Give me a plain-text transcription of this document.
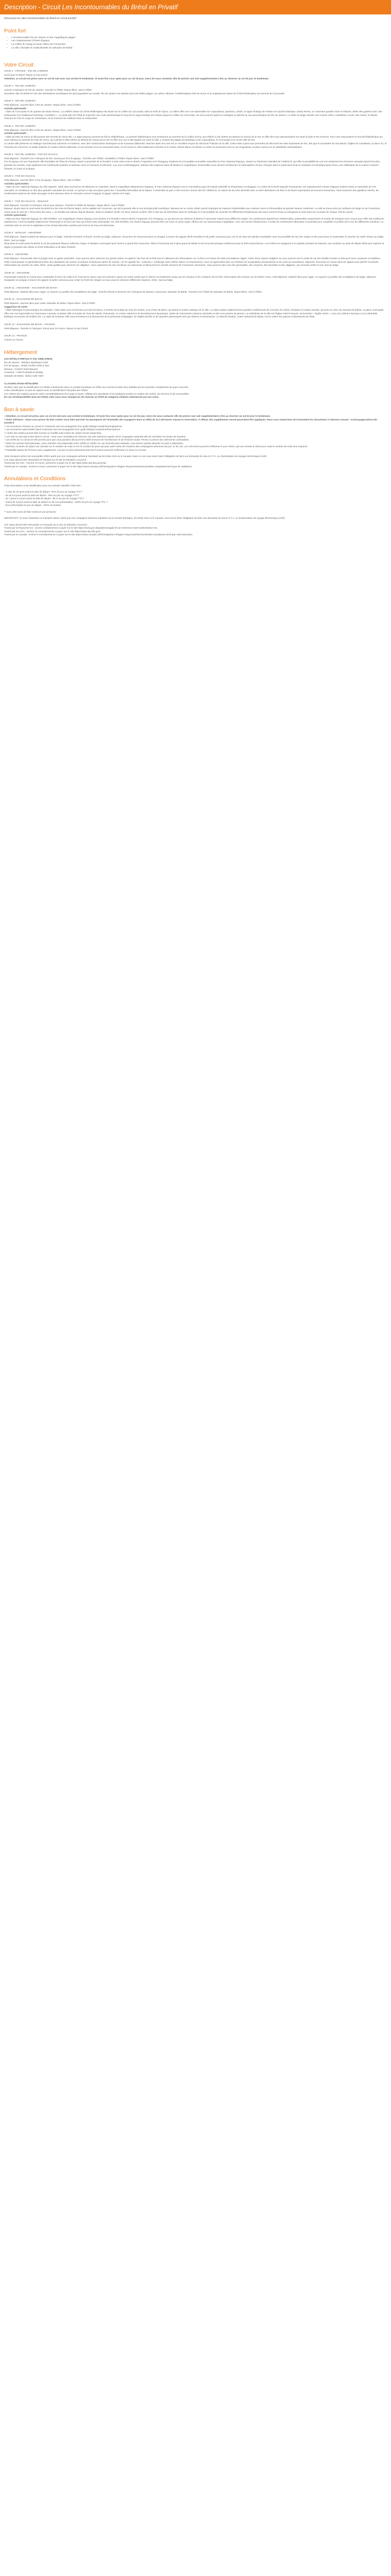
Description - Circuit Les Incontournables du Brésil en Privatif
Découvrez les sites incontournables du Brésil en circuit privatif !
Point fort
• L'incontournable Rio de Janeiro et ses magnifiques plages
• Les majestueuses Chutes d'Iguaçu
• La colline du Gangi au beau milieu de l'Amazonie
• La ville coloniale et multiculturelle de Salvador de Bahia
Votre Circuit

JOUR 1 : FRANCE - RIO DE JANEIRO

Envol pour le Brésil. Repas et nuit à bord.

Attention, ce circuit est prévu avec un vol de nuit avec une arrivée le lendemain. Si toute fois vous optez pour un vol de jour, merci de nous contacter afin de prévoir une nuit supplémentaire à Rio au réserver un vol de jour le lendemain.

JOUR 2 : RIO DE JANEIRO

Arrivée à l'aéroport de Rio de Janeiro. Transfert à l'hôtel. Repas libres. Nuit à l'hôtel.

Deuxième ville du Brésil et l'une des destinations touristiques les plus populaires au monde, Rio de Janeiro est réputée pour ses belles plages, sa culture vibrante, l'emblématique Pain de Sucre et la majestueuse statue du Christ Rédempteur au sommet du Corcovado.

JOUR 3 : RIO DE JANEIRO

Petit-déjeuner. Journée libre à Rio de Janeiro. Repas libres. Nuit à l'hôtel.

Activité optionnelle :

- Visite du Corcovado et du quartier de Santa Teresa : La célèbre statue du Christ Rédempteur est située sur la colline du Corcovado, dans la forêt de Tijuca. La colline offre une vue imprenable sur Copacabana, Ipanema, Leblon, le lagon Rodrigo de Freitas et le jardin botanique. Santa Teresa, un charmant quartier riche en histoire, abrite des galeries d'art, des restaurants et le traditionnel tramway « bondinho ». La visite part de l'hôtel et emprunte une route panoramique le long de la Lagoa Rodrigo de Freitas jusqu'à la colline du Corcovado, où vous pourrez gravir la montagne et admirer la vue panoramique sur Rio de Janeiro. La visite se dirige ensuite vers Cosme Velho, Castelinho, le parc des ruines, le Musée Chacara do Céu et Largo do Guimaraes, où se trouvent les meilleurs bars et restaurants.

JOUR 4 : RIO DE JANEIRO

Petit-déjeuner. Journée libre à Rio de Janeiro. Repas libres. Nuit à l'hôtel.

Activité optionnelle :

- Visite du Pain de Sucre et découverte des secrets du Vieux Rio. Le trajet jusqu'au sommet se fait en téléphérique. Le premier téléphérique vous emmènera au sommet de la colline d'Urca, qui s'élève à 215 mètres au-dessus du niveau de la mer et offre des vues spectaculaires sur toute la baie et les environs. Puis vous emprunterez le second téléphérique qui vous mènera au sommet du Pain de Sucre, qui culmine à 395 mètres au-dessus du niveau de la mer et offre une vue à 360 degrés sur toute la ville, y compris les plages de Botafogo et de Copacabana, le Corcovado et le centre-ville de Rio.

Le centre-ville présente un mélange d'architecture ancienne et moderne, avec des constructions historiques et de nouveaux bâtiments. Marcher dans ses rues est un excellent moyen de découvrir l'histoire de la ville. Cette visite à pied vous permettra de découvrir les sites importants de Rio, tels que le monastère de Sao Bento, l'église de Candelaria, la place XV, le Travessa do Comercio, le palais impérial, le musée Histora Nationale, la rue Ouvidor et la rue Gonçalves Dias, où se trouve le café traditionnel Colombo et le centre culturel Banco do Brasil. La visite se poursuivra vers la rue Uruguaiana, la place Carioca et la cathédrale métropolitaine.

JOUR 5 : RIO DE JANEIRO - FOZ DO IGUACU

Petit-déjeuner. Transfert vers l'aéroport de Rio. Envol pour Foz do Iguaçu. Transfert vers l'hôtel. Installation à l'hôtel. Repas libres. Nuit à l'hôtel.

Foz do Iguaçu est une importante ville frontalière de l'État de Parana, située à proximité de la frontière à trois voies entre le Brésil, l'Argentine et le Paraguay. Explorez les incroyables merveilles naturelles du Parc National d'Iguaçu, classé au Patrimoine Mondial de l'UNESCO, qui offre la possibilité de voir non seulement les énormes cascades (parmi les plus grandes du monde), mais également de nombreuses plantes et animaux rares et menacés d'extinction. Aux yeux ornithologiques, admirez des espèces utiles de faisans et magnifiques. Émerveillez-vous devant l'architecture et l'atmosphère du lieu. Plongez dans le patrimoine local en assistant à l'envoûtant Ipora Show, une célébration de la culture à travers l'histoire, le chant et la danse.

JOUR 6 : FOZ DO IGUACU

Petit-déjeuner. Journée libre à Foz do Iguaçu. Repas libres. Nuit à l'hôtel.

Activités optionnelles :

- Visite du Parc National d'Iguaçu du côté argentin. Situé dans la province de Misiones en Argentine, dans le magnifique département d'Iguazu, le Parc National d'Iguazu est un merveilleux pays de beauté naturelle et d'importance écologique. Au centre de la forêt tropicale Paranaense, les majestueuses Chutes d'Iguazú tombent dans un spectacle de 275 cascades, et constituent un des plus grandes cascades du monde, ce qui leur a valu une place parmi les 7 Nouvelles Merveilles de la Nature. L'ensemble du parc a été reconnu comme site de l'UNESCO, en raison de sa riche diversité avec un tiers abondance de flore et de faune importantes (et souvent menacées). Vous traversez des papillons colorés, de nombreuses espèces de chats sauvages et des animaux rares et menacés comme le jaguar, le jaguar caiman et le tapir.

JOUR 7 : FOZ DO IGUACU - MANAUS

Petit-déjeuner. Transfert à l'aéroport. Envol pour Manaus. Transfert à l'hôtel de Manaus. Repas libres. Nuit à l'hôtel.

Manaus, située dans le nord-ouest du Brésil sur les rives du fleuve Negro, est la capitale de l'Amazonie, qui est la grande ville et son principal pôle touristique. Manaus est un centre urbain animé imprégné de maisons résidentielles aux couleurs vives et d'immeubles de grande hauteur modernes. La ville se trouve près du confluent du Négro et de l'Amazonie, connu sous le nom de « Rencontre des eaux », accessible par bateau depuis Manaus. Selon la tradition locale, les deux rivières coulent côté à côte sur six kilomètres sans se mélanger et il est possible de ressentir les différentes températures des deux sources d'eau en plongeant la main dans les courants de chaque côté du navire.

Activité optionnelle :

- Visite du Parc National d'Iguaçu du côté brésilien. Les magnifiques chutes d'Iguaçu sont situées à la frontière entre le Brésil, l'Argentine et le Paraguay, ce qui permet aux visiteurs d'admirer le spectacle naturel sous différents angles. De nombreuses plateformes d'observation, passerelles suspendues et modes de transport sont conçus pour offrir des meilleures expériences. Il est incroyable d'apercevoir l'immensité et la force de l'eau qui tombe sans interruption. Du côté brésilien, les chutes d'Iguaçu peuvent être vue sous un autre angle, offrant une vue panoramique magnifique. Avec une bonne infrastructure, il existe de nombreuses attractions à proximité pour compléter et profiter de la vue de différentes manières. La contrairé entre le vert de la végétation et les chutes blanches causées par la force de l'eau est étonnante.

JOUR 8 : MANAUS - AMAZONIE

Petit-déjeuner. Départ matinal de Manaus pour le lodge. Transfert terrestre et fluvial. Arrivée au lodge. Déjeuner. Excursion de reconnaissance en pirogue à travers les Igapós (forêt inondée) et de petits ruisseaux pour voir la vie dans les plantes inondables avec la possibilité de voir des singes et des paresseux et contempler le coucher du soleil. Retour au lodge. Dîner. Nuit au lodge.

Situé dans le nord-ouest du Brésil, le où les puissants fleuves Solimoes, Negro et Madeira convergent pour former le grand Rio Amazonas, l'État d'Amazonas est le plus grand du Brésil et est recouvert presque entièrement par la forêt amazonienne. Les rivières se rejoignent à la capitale portuaire de Manaus, qui constitue un point de départ idéal pour explorer la région et propose des visites en forêt imfluviales et de sites d'intérêt.

JOUR 9 : AMAZONIE

Petit-déjeuner. Promenade dans la jungle avec un guide spécialisé. Vous pourrez alors observer les grands arbres et explorer l'air frais de la forêt tout en obtenant des informations sur sa flore et la faune de cette merveilleuse région. Visite d'une maison indigène où vous pourrez voir le mode de vie des familles locales et découvrir leurs coutumes et traditions. Cette communauté s'a généralement dans des plantations de manioc et prépare la farineuse farine de manioc. On les appelle les « caboclos » (mélange entre indiens blancs et amazoniens). Vous en apprendrez plus sur l'histoire de la population amazonienne et du cycle du caoutchouc. Déjeuner. Excursion en canoë dans les Igapós pour pêcher le piranha. Observation du coucher du soleil. Dîner. Visite guidée pour observer les alligators. Vous explorerez les lacs du fleuve au crépuscule et découvrirez le monde nocturne de l'Amazonie, fascinants. Vous pourrez alors voir des grenouilles, des serpents, des fauvettes et des alligators, qui sont plus actifs la nuit. Nuit au lodge.

JOUR 10 : AMAZONIE

Promenade matinale en canoë pour contempler le lever du soleil et le réveil de la nature avec les premiers rayons du soleil, tandis que le silence est lentement rompu par les oiseaux et les créatures de la forêt. Observation des oiseaux sur la Rivière Amou. Petit-déjeuner. Matinée libre pour nager, se reposer ou profiter des installations du lodge. Déjeuner. Navigation en pirogue à travers les Igapós et petits ruisseaux pour visiter la Forêt des Singes où vous pourrez observer différentes espèces. Dîner. Nuit au lodge.

JOUR 11 : AMAZONIE - SALVADOR DE BAHIA

Petit-déjeuner. Matinée libre pour nager, se reposer ou profiter des installations du lodge. Transfert fluvial et terrestre vers l'aéroport de Manaus. Envol pour Salvador de Bahia. Transfert vers l'hôtel de Salvador de Bahia. Repas libres. Nuit à l'hôtel.

JOUR 12 : SALVADOR DE BAHIA

Petit-déjeuner. Journée libre pour visiter Salvador de Bahia. Repas libres. Nuit à l'hôtel.

Suggestion de visite :

- Visite historique et panoramique de Salvador. Cette visite vous emmènera au Farol da Barra, à l'entrée de la Baie de Tous les Saints, et au Porto da Barra, qui abrite le musée nautique de la ville. La visite explore également les quartiers traditionnels de Corredor de Vitoria, Piedade et Campo Grande, qui sont au cœur du carnaval de Bahia. La place municipale offre une vue imprenable sur l'ascenseur Lacerda, la Basse Ville et la Baie de Tous les Saints. Pelourinho, un centre culturel et de divertissement dynamique, abrite de charmantes maisons coloniales et des rues pavées de pierres. La cathédrale de la ville est l'église Saint-François, surnommée « l'église dorée », avec son intérieur baroque et sa cathédrale basilique recouverte de feuilles d'or. La visite de la Basse-Ville vous emmènera à la découverte de la péninsule d'Itapagipe, de l'église Bonfim et de quartiers pittoresques tels que Ribeira et Monteserrat. Le Marché Modelo, centre artisanal de Bahia, est en valeur les aspects multiculturels de l'État.

JOUR 13 : SALVADOR DE BAHIA - FRANCE

Petit-déjeuner. Transfert à l'aéroport. Envol pour la France. Repas et nuit à bord.

JOUR 14 : FRANCE

Arrivée en France.

Hébergement

LES HÔTELS PRÉVUS 3* (OU SIMILAIRES)

Rio de Janeiro : Windsor Martinique Hotel

Foz de Iguaçu : Nadai Confort Hotel & Spa

Manaus : Comfort hotel Manaus

Amazonie : Hotel Evolução Ecolodge

Salvador de Bahia : Bahia Café Hotel

CLASSIFICATION HÔTELIÈRE

Veuillez noter que la classification en étoiles mentionnée dans ce produit touristique se réfère aux normes locales (NL) établies par les autorités compétentes du pays concerné.

Cette classification n'a pas de rapport avec la classification française des hôtels.

Les critères de notation peuvent varier considérablement d'un pays à l'autre, reflétant les standards et les pratiques locales en matière de confort, de services et de commodités.

En cas d'indisponibilité dans les hôtels cités nous nous chargerons de réserver un hôtel de catégorie similaire sélectionné par nos soins.

Bon à savoir

- Attention, ce circuit est prévu avec un vol de nuit avec une arrivée le lendemain. Si toute fois vous optez pour un vol de jour, merci de nous contacter afin de prévoir une nuit supplémentaire à Rio au réserver un vol de jour le lendemain.

* Visits intérieurs : Nous vous prions de bien vouloir nous faire parvenir les passeports de l'ensemble des voyageurs dans un délai de 24 à 48 heures suivant la réservation. À défaut, des suppléments seront pourraient être appliqués. Nous vous remercions de transmettre les documents à l'adresse suivant : suivivoyageur@bon-de-monde.fr

* Les excursions incluses au circuit en Amazonie sont accompagnées d'un guide bilingue lusophone/anglophone

* Les excursions optionnelles (sauf Amazonie) sont accompagnées d'un guide bilingue lusophone/francophone

* L'ordre des visites pourrait être inversé ou modifié mais toutes les visites seront respectées.

* Les vols ne sont pas inclus dans le circuit : nous vous conseillons de réserver vos vols intérieurs auprès d'une compagnie nationale afin de minimiser les temps de transfert.

* Les arrêts de ce circuit ont été pensés pour que vous puissiez découvrir les chefs-d'œuvre de l'architecture et de l'histoire locale. Pensez à prévoir des vêtements confortables.

* Selon les normes internationales, votre chambre sera disponible entre 12h00 et 14h00. En cas d'arrivée plus matinale, vous devrez parfois attendre sa mise à disposition.

* Attention, la durée du séjour est calculée sur le nombre de nuits et non le nombre de jours qui peut varier selon les horaires des compagnies aériennes de jour ou de nuit. Les vols retour peuvent s'effectuer le jour même, par une arrivée le même jour mais le nombre de nuits sera respecté.

* Possibilité depuis de Province avec supplément. Les prix et post acheminements de Province pourront s'effectuer en avion ou en train.

Votre transport aérien est susceptible d'être opéré par une compagnie aérienne transitant via les Etats Unis ou le Canada. Dans ce cas vous serez dans l'obligation de faire une demande de visa E.S.T.A. ou d'autorisation de voyage électronique (AVE).

Ces visas doivent être demandés en français sur le site du Ministère concerné :

Transit par les USA : environ 13 euros / personne à payer sur le site https://esta.cbp.dhs.gov/esta

Transit par le Canada : environ 5 euros / personne à payer sur le site https://www.canada.ca/fr/immigration-refugies-citoyennete/services/visiter-canada/eta.html (pas de validation)

Annulations et Conditions

Frais d'annulation et de Modification pour tout dossier Identifié COM Flex :

- À plus de 30 jours avant la date de départ : 60% du prix du voyage TTC**

- de 30 à 8 jours avant la date de départ : 80% du prix du voyage TTC**

- de 7 jours à 3 jours avant la date de départ : 95 % du prix du voyage TTC**

- moins de 3 jours avant la date de départ ou de non-présentation : 100% du prix du voyage TTC **

- Non présentation le jour du départ : 100% du dossier.

** avec 250 euros de frais minimum par personne

IMPORTANT ! Si vous choisissez un transport aérien opéré par une compagnie aérienne transitant via la Grande Bretagne, les Etats Unis ou le Canada, vous serez dans l'obligation de faire une demande de visa E.S.T.A. ou d'autorisation de voyage électronique (AVE).

Ces visas doivent être demandés en Français sur le site du Ministère concerné :

Transit par la Royaume-Uni : environ £16/personne à payer sur le site https://www.gov.uk/guidance/apply-for-an-electronic-travel-authorisation-eta

Transit par les USA : environ 21 euros/personne à payer sur le site https://esta.cbp.dhs.gov/

Transit par le Canada : environ 5 euros/personne à payer sur le site https://www.canada.ca/fr/immigration-refugies-citoyennete/services/visiter-canada/ave.html (par carte bancaire).
